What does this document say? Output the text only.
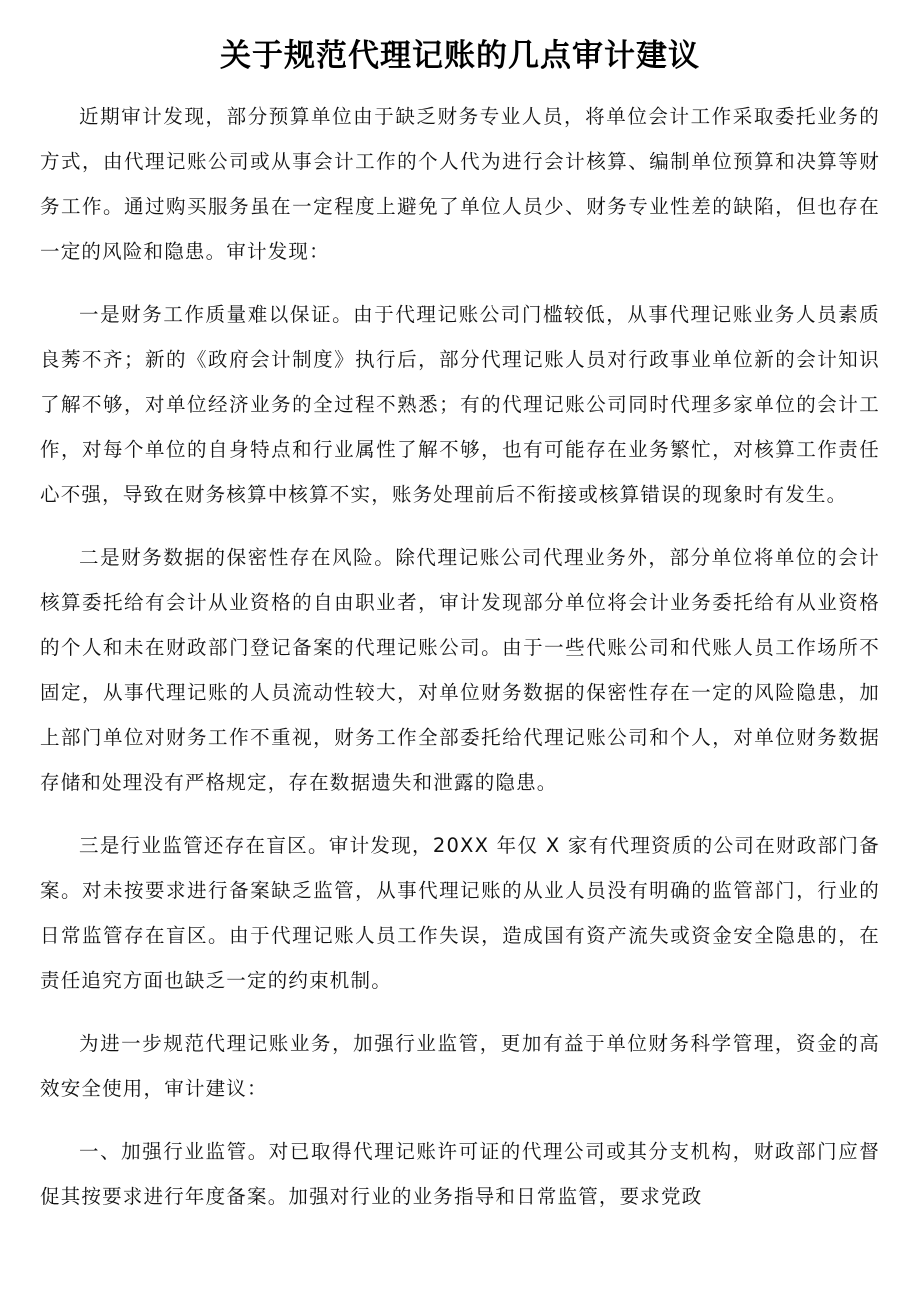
关于规范代理记账的几点审计建议

近期审计发现，部分预算单位由于缺乏财务专业人员，将单位会计工作采取委托业务的方式，由代理记账公司或从事会计工作的个人代为进行会计核算、编制单位预算和决算等财务工作。通过购买服务虽在一定程度上避免了单位人员少、财务专业性差的缺陷，但也存在一定的风险和隐患。审计发现：

一是财务工作质量难以保证。由于代理记账公司门槛较低，从事代理记账业务人员素质良莠不齐；新的《政府会计制度》执行后，部分代理记账人员对行政事业单位新的会计知识了解不够，对单位经济业务的全过程不熟悉；有的代理记账公司同时代理多家单位的会计工作，对每个单位的自身特点和行业属性了解不够，也有可能存在业务繁忙，对核算工作责任心不强，导致在财务核算中核算不实，账务处理前后不衔接或核算错误的现象时有发生。

二是财务数据的保密性存在风险。除代理记账公司代理业务外，部分单位将单位的会计核算委托给有会计从业资格的自由职业者，审计发现部分单位将会计业务委托给有从业资格的个人和未在财政部门登记备案的代理记账公司。由于一些代账公司和代账人员工作场所不固定，从事代理记账的人员流动性较大，对单位财务数据的保密性存在一定的风险隐患，加上部门单位对财务工作不重视，财务工作全部委托给代理记账公司和个人，对单位财务数据存储和处理没有严格规定，存在数据遗失和泄露的隐患。

三是行业监管还存在盲区。审计发现，20XX 年仅 X 家有代理资质的公司在财政部门备案。对未按要求进行备案缺乏监管，从事代理记账的从业人员没有明确的监管部门，行业的日常监管存在盲区。由于代理记账人员工作失误，造成国有资产流失或资金安全隐患的，在责任追究方面也缺乏一定的约束机制。

为进一步规范代理记账业务，加强行业监管，更加有益于单位财务科学管理，资金的高效安全使用，审计建议：

一、加强行业监管。对已取得代理记账许可证的代理公司或其分支机构，财政部门应督促其按要求进行年度备案。加强对行业的业务指导和日常监管，要求党政
